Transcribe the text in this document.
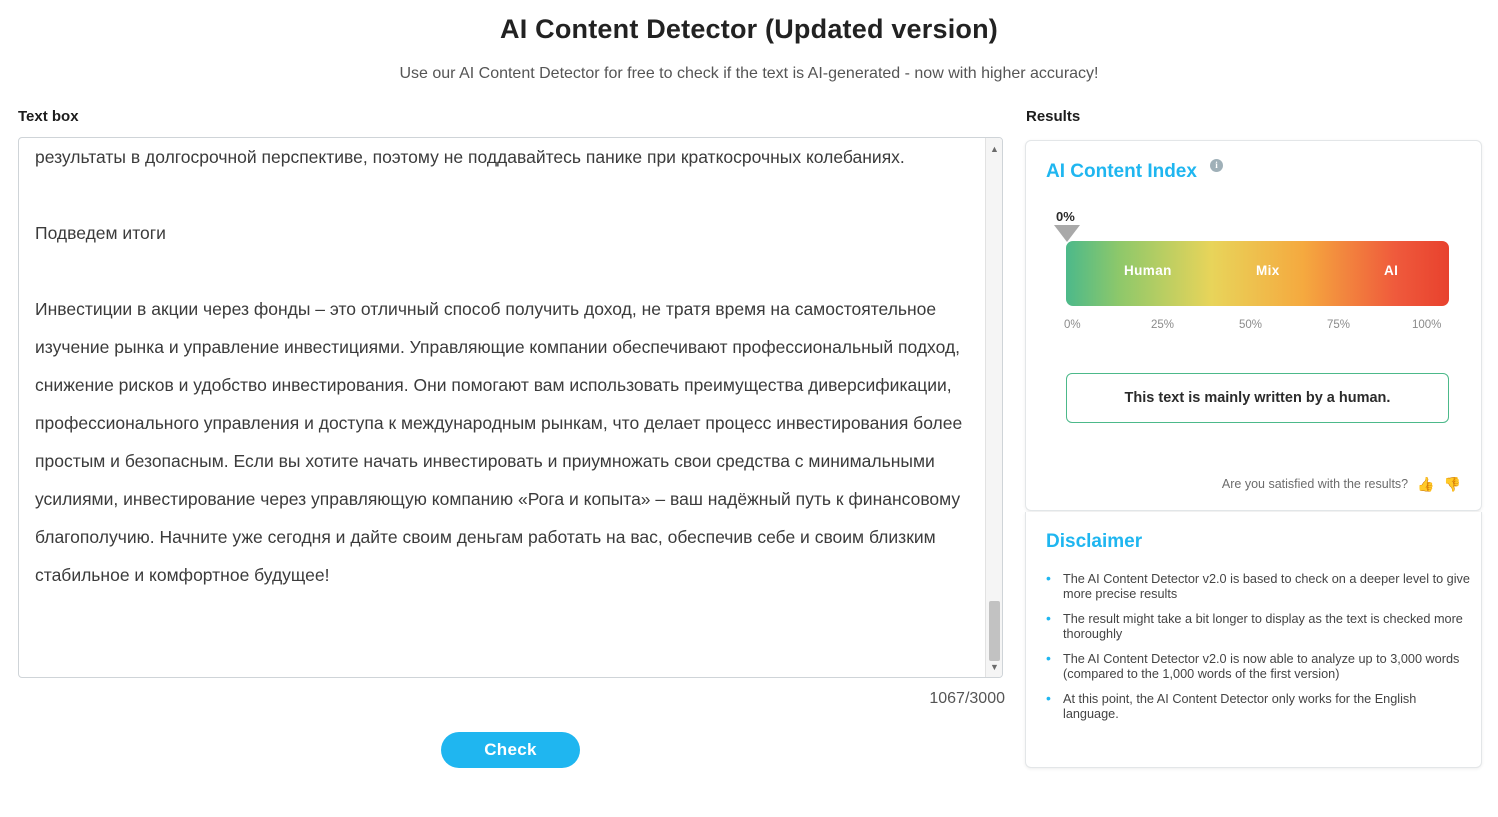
AI Content Detector (Updated version)
Use our AI Content Detector for free to check if the text is AI-generated - now with higher accuracy!
Text box

результаты в долгосрочной перспективе, поэтому не поддавайтесь панике при краткосрочных колебаниях.

Подведем итоги

Инвестиции в акции через фонды – это отличный способ получить доход, не тратя время на самостоятельное изучение рынка и управление инвестициями. Управляющие компании обеспечивают профессиональный подход, снижение рисков и удобство инвестирования. Они помогают вам использовать преимущества диверсификации, профессионального управления и доступа к международным рынкам, что делает процесс инвестирования более простым и безопасным. Если вы хотите начать инвестировать и приумножать свои средства с минимальными усилиями, инвестирование через управляющую компанию «Рога и копыта» – ваш надёжный путь к финансовому благополучию. Начните уже сегодня и дайте своим деньгам работать на вас, обеспечив себе и своим близким стабильное и комфортное будущее!

▲
▼
1067/3000
Check
Results
AI Content Index	i
0%
Human	Mix	AI
0%	25%	50%	75%	100%
This text is mainly written by a human.
Are you satisfied with the results? 👍 👎
Disclaimer
• The AI Content Detector v2.0 is based to check on a deeper level to give more precise results
• The result might take a bit longer to display as the text is checked more thoroughly
• The AI Content Detector v2.0 is now able to analyze up to 3,000 words (compared to the 1,000 words of the first version)
• At this point, the AI Content Detector only works for the English language.
